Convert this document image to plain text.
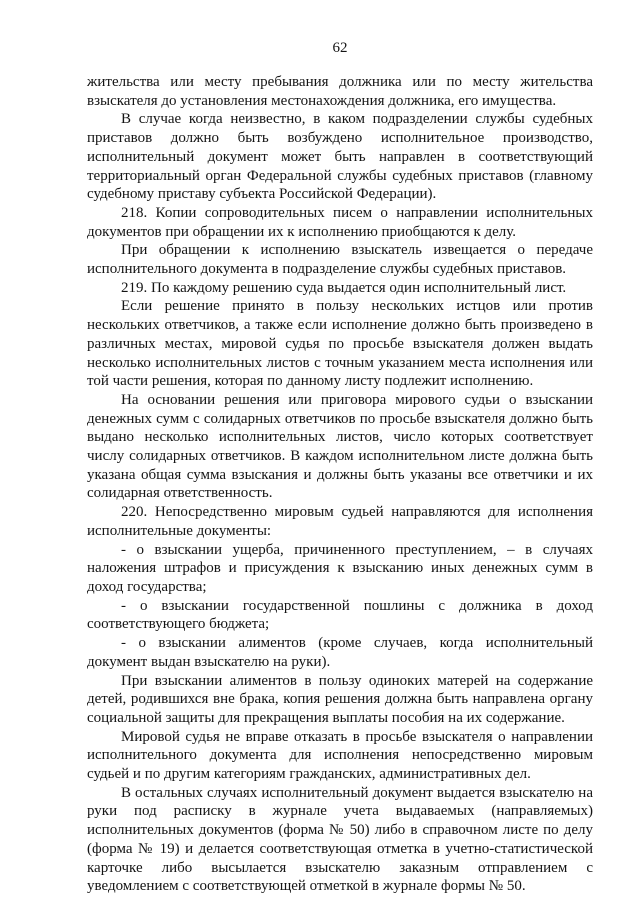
62

жительства или месту пребывания должника или по месту жительства взыскателя до установления местонахождения должника, его имущества.

В случае когда неизвестно, в каком подразделении службы судебных приставов должно быть возбуждено исполнительное производство, исполнительный документ может быть направлен в соответствующий территориальный орган Федеральной службы судебных приставов (главному судебному приставу субъекта Российской Федерации).

218. Копии сопроводительных писем о направлении исполнительных документов при обращении их к исполнению приобщаются к делу.

При обращении к исполнению взыскатель извещается о передаче исполнительного документа в подразделение службы судебных приставов.

219. По каждому решению суда выдается один исполнительный лист.

Если решение принято в пользу нескольких истцов или против нескольких ответчиков, а также если исполнение должно быть произведено в различных местах, мировой судья по просьбе взыскателя должен выдать несколько исполнительных листов с точным указанием места исполнения или той части решения, которая по данному листу подлежит исполнению.

На основании решения или приговора мирового судьи о взыскании денежных сумм с солидарных ответчиков по просьбе взыскателя должно быть выдано несколько исполнительных листов, число которых соответствует числу солидарных ответчиков. В каждом исполнительном листе должна быть указана общая сумма взыскания и должны быть указаны все ответчики и их солидарная ответственность.

220. Непосредственно мировым судьей направляются для исполнения исполнительные документы:

- о взыскании ущерба, причиненного преступлением, – в случаях наложения штрафов и присуждения к взысканию иных денежных сумм в доход государства;

- о взыскании государственной пошлины с должника в доход соответствующего бюджета;

- о взыскании алиментов (кроме случаев, когда исполнительный документ выдан взыскателю на руки).

При взыскании алиментов в пользу одиноких матерей на содержание детей, родившихся вне брака, копия решения должна быть направлена органу социальной защиты для прекращения выплаты пособия на их содержание.

Мировой судья не вправе отказать в просьбе взыскателя о направлении исполнительного документа для исполнения непосредственно мировым судьей и по другим категориям гражданских, административных дел.

В остальных случаях исполнительный документ выдается взыскателю на руки под расписку в журнале учета выдаваемых (направляемых) исполнительных документов (форма № 50) либо в справочном листе по делу (форма № 19) и делается соответствующая отметка в учетно-статистической карточке либо высылается взыскателю заказным отправлением с уведомлением с соответствующей отметкой в журнале формы № 50.
